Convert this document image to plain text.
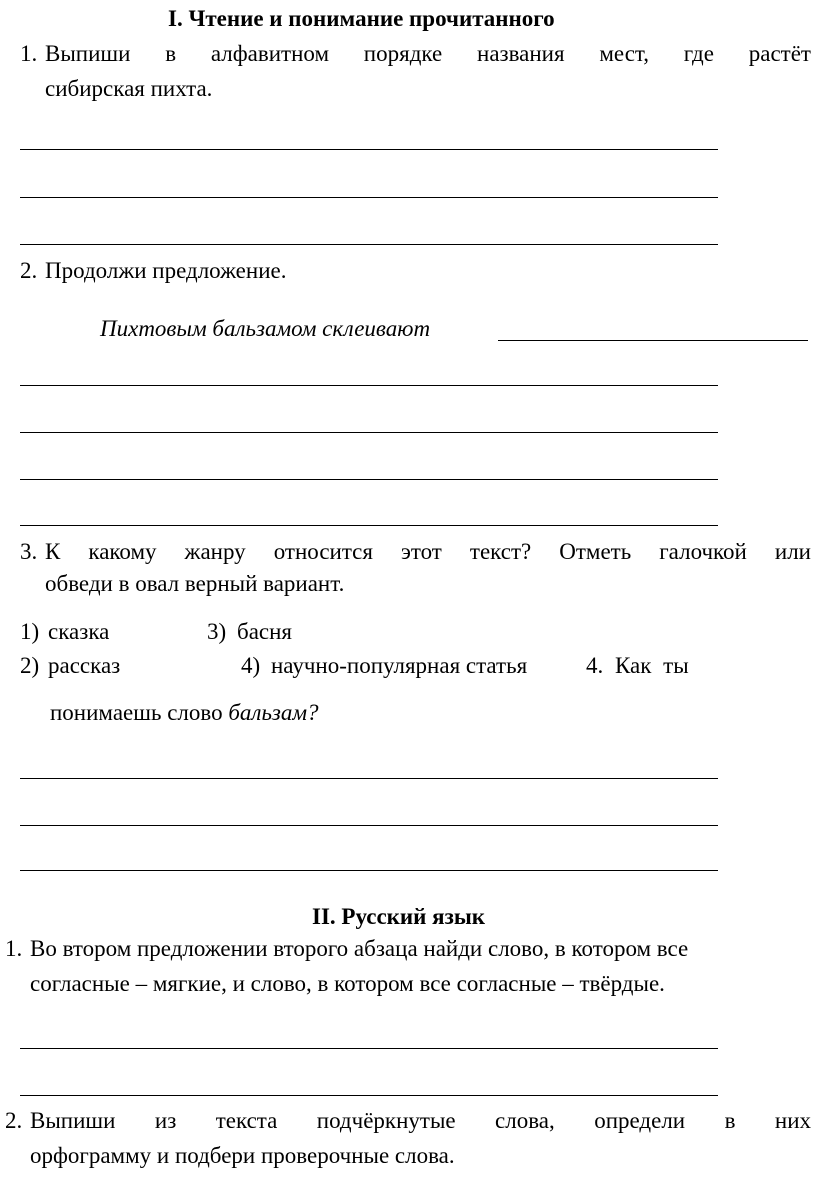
I. Чтение и понимание прочитанного
1. Выпиши в алфавитном порядке названия мест, где растёт
сибирская пихта.
2. Продолжи предложение.
Пихтовым бальзамом склеивают
3. К какому жанру относится этот текст? Отметь галочкой или
обведи в овал верный вариант.
1) сказка	3) басня
2) рассказ	4) научно-популярная статья	4. Как ты
понимаешь слово бальзам?
II. Русский язык
1. Во втором предложении второго абзаца найди слово, в котором все
согласные – мягкие, и слово, в котором все согласные – твёрдые.
2. Выпиши из текста подчёркнутые слова, определи в них
орфограмму и подбери проверочные слова.
